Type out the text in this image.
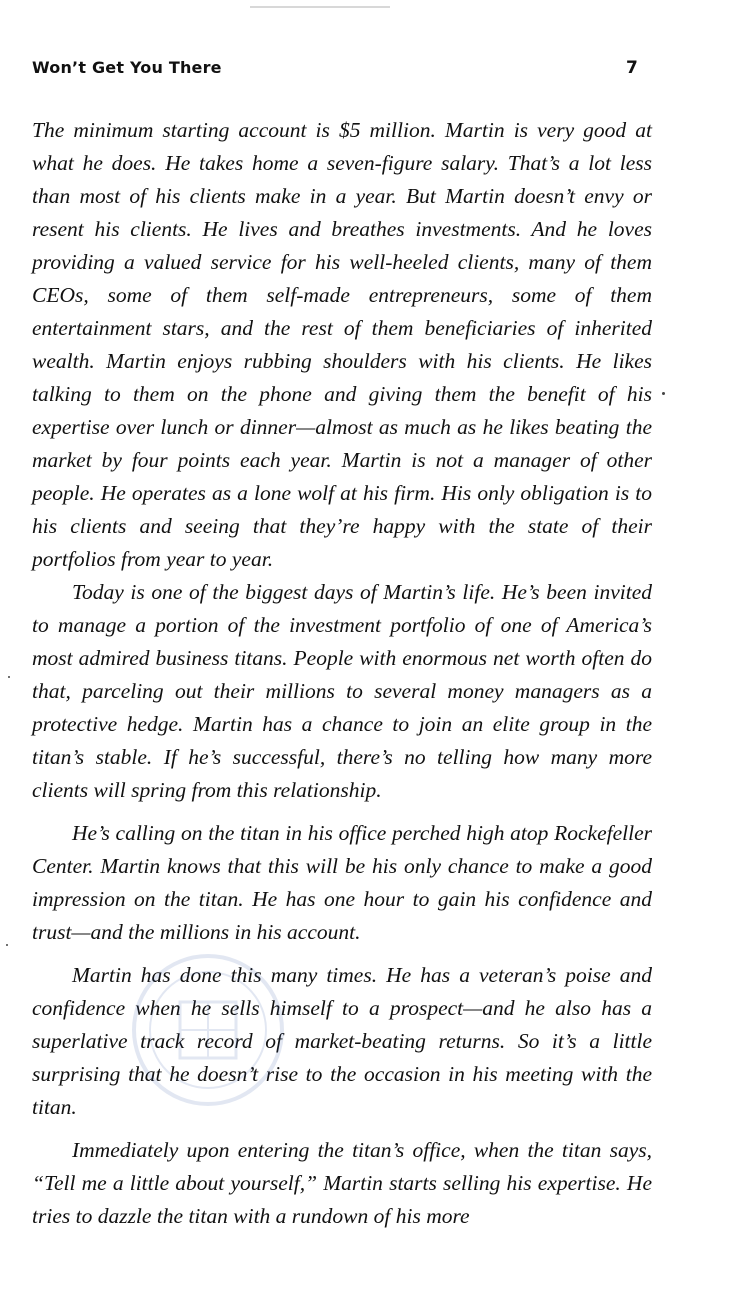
Won’t Get You There	7

The minimum starting account is $5 million. Martin is very good at what he does. He takes home a seven-figure salary. That’s a lot less than most of his clients make in a year. But Martin doesn’t envy or resent his clients. He lives and breathes investments. And he loves providing a valued service for his well-heeled clients, many of them CEOs, some of them self-made entrepreneurs, some of them entertainment stars, and the rest of them beneficiaries of inherited wealth. Martin enjoys rubbing shoulders with his clients. He likes talking to them on the phone and giving them the benefit of his expertise over lunch or dinner—almost as much as he likes beating the market by four points each year. Martin is not a manager of other people. He operates as a lone wolf at his firm. His only obligation is to his clients and seeing that they’re happy with the state of their portfolios from year to year.

Today is one of the biggest days of Martin’s life. He’s been invited to manage a portion of the investment portfolio of one of America’s most admired business titans. People with enormous net worth often do that, parceling out their millions to several money managers as a protective hedge. Martin has a chance to join an elite group in the titan’s stable. If he’s successful, there’s no telling how many more clients will spring from this relationship.

He’s calling on the titan in his office perched high atop Rockefeller Center. Martin knows that this will be his only chance to make a good impression on the titan. He has one hour to gain his confidence and trust—and the millions in his account.

Martin has done this many times. He has a veteran’s poise and confidence when he sells himself to a prospect—and he also has a superlative track record of market-beating returns. So it’s a little surprising that he doesn’t rise to the occasion in his meeting with the titan.

Immediately upon entering the titan’s office, when the titan says, “Tell me a little about yourself,” Martin starts selling his expertise. He tries to dazzle the titan with a rundown of his more
